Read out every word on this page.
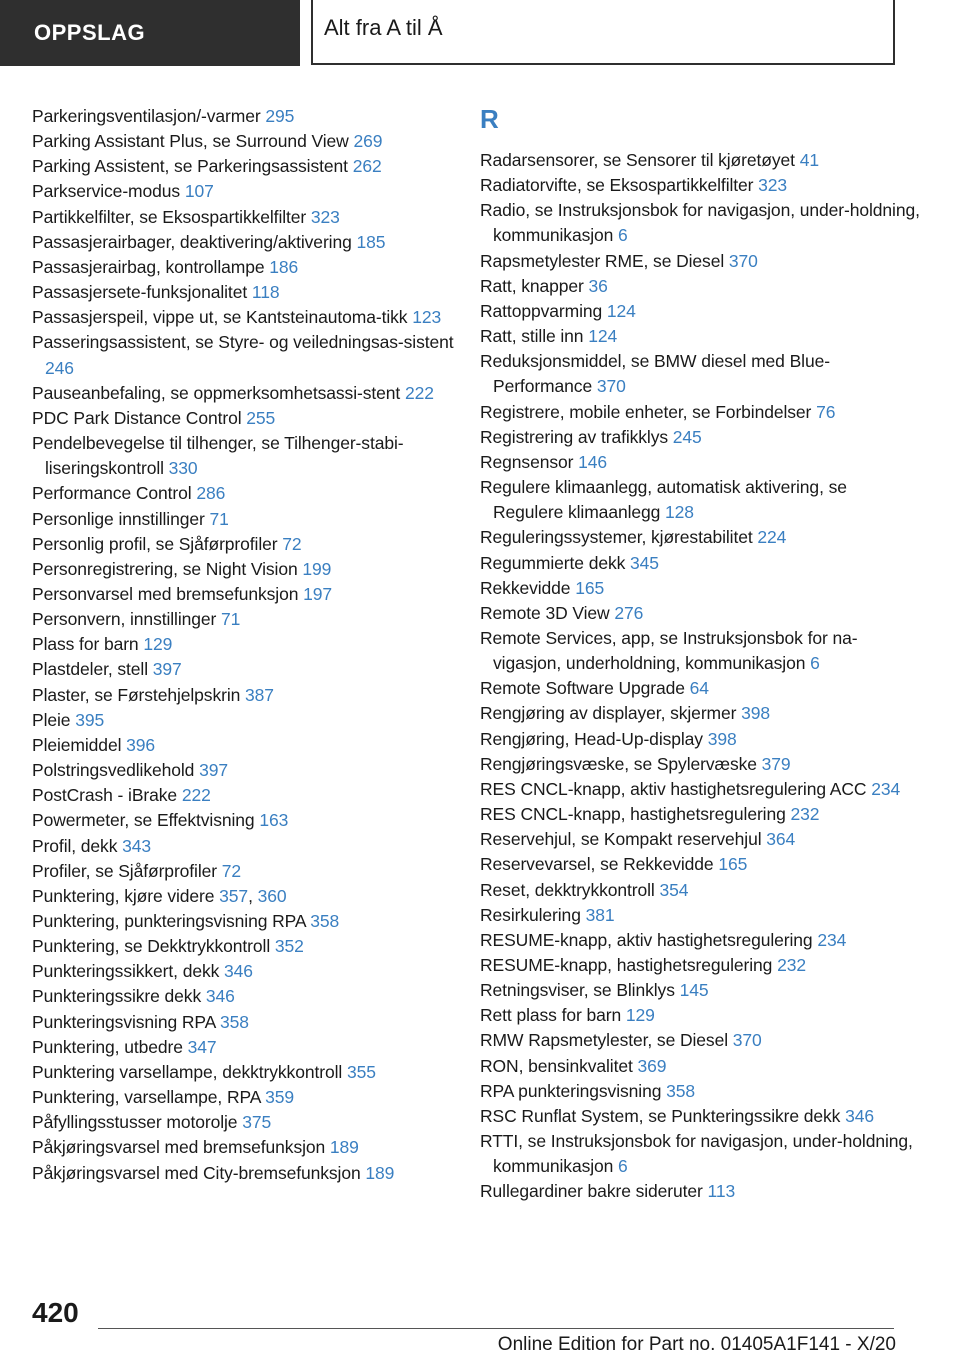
OPPSLAG	Alt fra A til Å
Parkeringsventilasjon/-varmer 295
Parking Assistant Plus, se Surround View 269
Parking Assistent, se Parkeringsassistent 262
Parkservice-modus 107
Partikkelfilter, se Eksospartikkelfilter 323
Passasjerairbager, deaktivering/aktivering 185
Passasjerairbag, kontrollampe 186
Passasjersete-funksjonalitet 118
Passasjerspeil, vippe ut, se Kantsteinautoma-tikk 123
Passeringsassistent, se Styre- og veiledningsas-sistent 246
Pauseanbefaling, se oppmerksomhetsassi-stent 222
PDC Park Distance Control 255
Pendelbevegelse til tilhenger, se Tilhenger-stabi-liseringskontroll 330
Performance Control 286
Personlige innstillinger 71
Personlig profil, se Sjåførprofiler 72
Personregistrering, se Night Vision 199
Personvarsel med bremsefunksjon 197
Personvern, innstillinger 71
Plass for barn 129
Plastdeler, stell 397
Plaster, se Førstehjelpskrin 387
Pleie 395
Pleiemiddel 396
Polstringsvedlikehold 397
PostCrash - iBrake 222
Powermeter, se Effektvisning 163
Profil, dekk 343
Profiler, se Sjåførprofiler 72
Punktering, kjøre videre 357, 360
Punktering, punkteringsvisning RPA 358
Punktering, se Dekktrykkontroll 352
Punkteringssikkert, dekk 346
Punkteringssikre dekk 346
Punkteringsvisning RPA 358
Punktering, utbedre 347
Punktering varsellampe, dekktrykkontroll 355
Punktering, varsellampe, RPA 359
Påfyllingsstusser motorolje 375
Påkjøringsvarsel med bremsefunksjon 189
Påkjøringsvarsel med City-bremsefunksjon 189
R
Radarsensorer, se Sensorer til kjøretøyet 41
Radiatorvifte, se Eksospartikkelfilter 323
Radio, se Instruksjonsbok for navigasjon, under-holdning, kommunikasjon 6
Rapsmetylester RME, se Diesel 370
Ratt, knapper 36
Rattoppvarming 124
Ratt, stille inn 124
Reduksjonsmiddel, se BMW diesel med Blue-Performance 370
Registrere, mobile enheter, se Forbindelser 76
Registrering av trafikklys 245
Regnsensor 146
Regulere klimaanlegg, automatisk aktivering, se Regulere klimaanlegg 128
Reguleringssystemer, kjørestabilitet 224
Regummierte dekk 345
Rekkevidde 165
Remote 3D View 276
Remote Services, app, se Instruksjonsbok for na-vigasjon, underholdning, kommunikasjon 6
Remote Software Upgrade 64
Rengjøring av displayer, skjermer 398
Rengjøring, Head-Up-display 398
Rengjøringsvæske, se Spylervæske 379
RES CNCL-knapp, aktiv hastighetsregulering ACC 234
RES CNCL-knapp, hastighetsregulering 232
Reservehjul, se Kompakt reservehjul 364
Reservevarsel, se Rekkevidde 165
Reset, dekktrykkontroll 354
Resirkulering 381
RESUME-knapp, aktiv hastighetsregulering 234
RESUME-knapp, hastighetsregulering 232
Retningsviser, se Blinklys 145
Rett plass for barn 129
RMW Rapsmetylester, se Diesel 370
RON, bensinkvalitet 369
RPA punkteringsvisning 358
RSC Runflat System, se Punkteringssikre dekk 346
RTTI, se Instruksjonsbok for navigasjon, under-holdning, kommunikasjon 6
Rullegardiner bakre sideruter 113
420
Online Edition for Part no. 01405A1F141 - X/20
